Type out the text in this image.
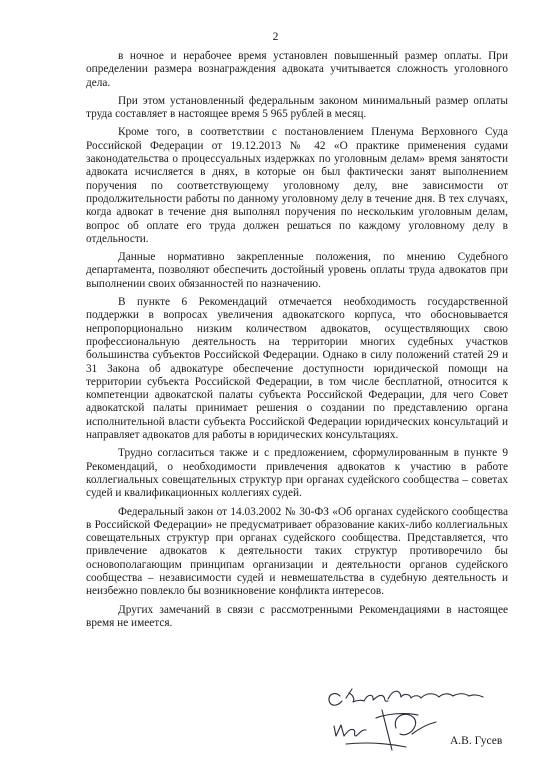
2

в ночное и нерабочее время установлен повышенный размер оплаты. При определении размера вознаграждения адвоката учитывается сложность уголовного дела.

При этом установленный федеральным законом минимальный размер оплаты труда составляет в настоящее время 5 965 рублей в месяц.

Кроме того, в соответствии с постановлением Пленума Верховного Суда Российской Федерации от 19.12.2013 № 42 «О практике применения судами законодательства о процессуальных издержках по уголовным делам» время занятости адвоката исчисляется в днях, в которые он был фактически занят выполнением поручения по соответствующему уголовному делу, вне зависимости от продолжительности работы по данному уголовному делу в течение дня. В тех случаях, когда адвокат в течение дня выполнял поручения по нескольким уголовным делам, вопрос об оплате его труда должен решаться по каждому уголовному делу в отдельности.

Данные нормативно закрепленные положения, по мнению Судебного департамента, позволяют обеспечить достойный уровень оплаты труда адвокатов при выполнении своих обязанностей по назначению.

В пункте 6 Рекомендаций отмечается необходимость государственной поддержки в вопросах увеличения адвокатского корпуса, что обосновывается непропорционально низким количеством адвокатов, осуществляющих свою профессиональную деятельность на территории многих судебных участков большинства субъектов Российской Федерации. Однако в силу положений статей 29 и 31 Закона об адвокатуре обеспечение доступности юридической помощи на территории субъекта Российской Федерации, в том числе бесплатной, относится к компетенции адвокатской палаты субъекта Российской Федерации, для чего Совет адвокатской палаты принимает решения о создании по представлению органа исполнительной власти субъекта Российской Федерации юридических консультаций и направляет адвокатов для работы в юридических консультациях.

Трудно согласиться также и с предложением, сформулированным в пункте 9 Рекомендаций, о необходимости привлечения адвокатов к участию в работе коллегиальных совещательных структур при органах судейского сообщества – советах судей и квалификационных коллегиях судей.

Федеральный закон от 14.03.2002 № 30-ФЗ «Об органах судейского сообщества в Российской Федерации» не предусматривает образование каких-либо коллегиальных совещательных структур при органах судейского сообщества. Представляется, что привлечение адвокатов к деятельности таких структур противоречило бы основополагающим принципам организации и деятельности органов судейского сообщества – независимости судей и невмешательства в судебную деятельность и неизбежно повлекло бы возникновение конфликта интересов.

Других замечаний в связи с рассмотренными Рекомендациями в настоящее время не имеется.

А.В. Гусев
